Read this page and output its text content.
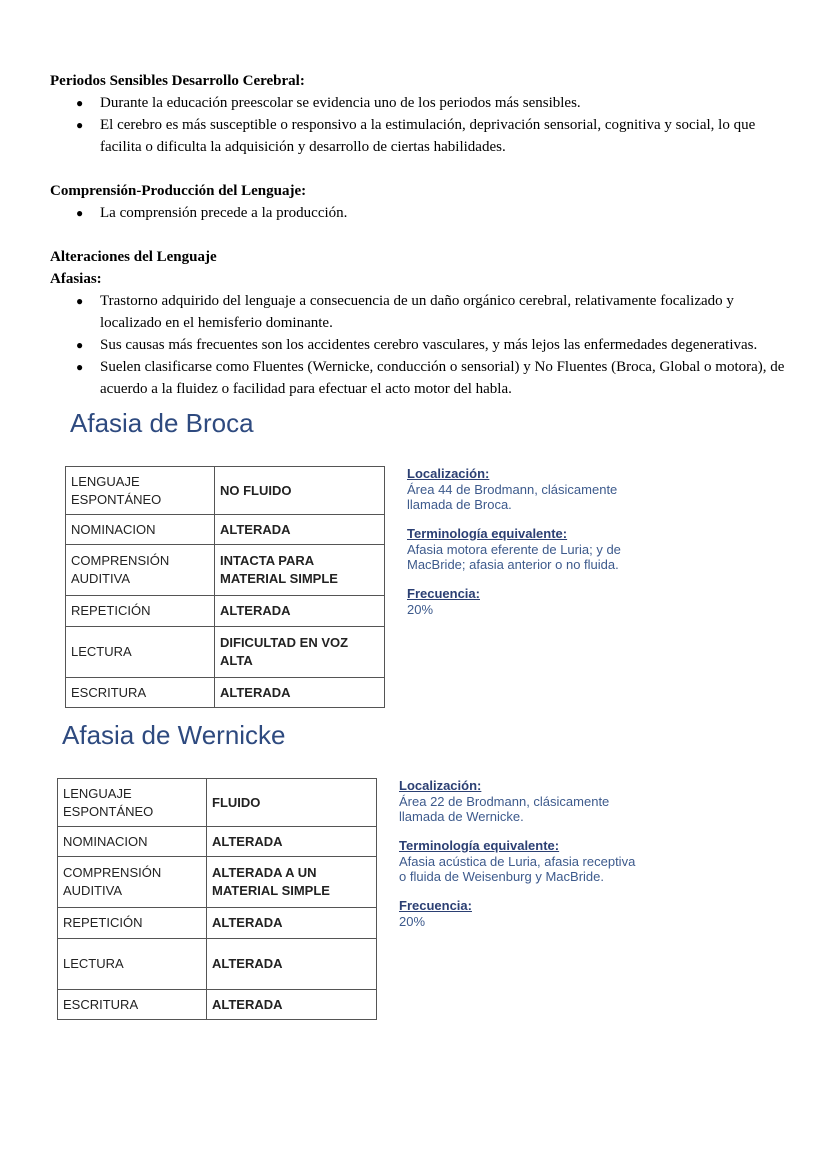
Periodos Sensibles Desarrollo Cerebral:
● Durante la educación preescolar se evidencia uno de los periodos más sensibles.
● El cerebro es más susceptible o responsivo a la estimulación, deprivación sensorial, cognitiva y social, lo que facilita o dificulta la adquisición y desarrollo de ciertas habilidades.
Comprensión-Producción del Lenguaje:
● La comprensión precede a la producción.
Alteraciones del Lenguaje
Afasias:
● Trastorno adquirido del lenguaje a consecuencia de un daño orgánico cerebral, relativamente focalizado y localizado en el hemisferio dominante.
● Sus causas más frecuentes son los accidentes cerebro vasculares, y más lejos las enfermedades degenerativas.
● Suelen clasificarse como Fluentes (Wernicke, conducción o sensorial) y No Fluentes (Broca, Global o motora), de acuerdo a la fluidez o facilidad para efectuar el acto motor del habla.
Afasia de Broca
LENGUAJE ESPONTÁNEO	NO FLUIDO
NOMINACION	ALTERADA
COMPRENSIÓN AUDITIVA	INTACTA PARA MATERIAL SIMPLE
REPETICIÓN	ALTERADA
LECTURA	DIFICULTAD EN VOZ ALTA
ESCRITURA	ALTERADA
Localización:
Área 44 de Brodmann, clásicamente llamada de Broca.
Terminología equivalente:
Afasia motora eferente de Luria; y de MacBride; afasia anterior o no fluida.
Frecuencia:
20%
Afasia de Wernicke
LENGUAJE ESPONTÁNEO	FLUIDO
NOMINACION	ALTERADA
COMPRENSIÓN AUDITIVA	ALTERADA A UN MATERIAL SIMPLE
REPETICIÓN	ALTERADA
LECTURA	ALTERADA
ESCRITURA	ALTERADA
Localización:
Área 22 de Brodmann, clásicamente llamada de Wernicke.
Terminología equivalente:
Afasia acústica de Luria, afasia receptiva o fluida de Weisenburg y MacBride.
Frecuencia:
20%
